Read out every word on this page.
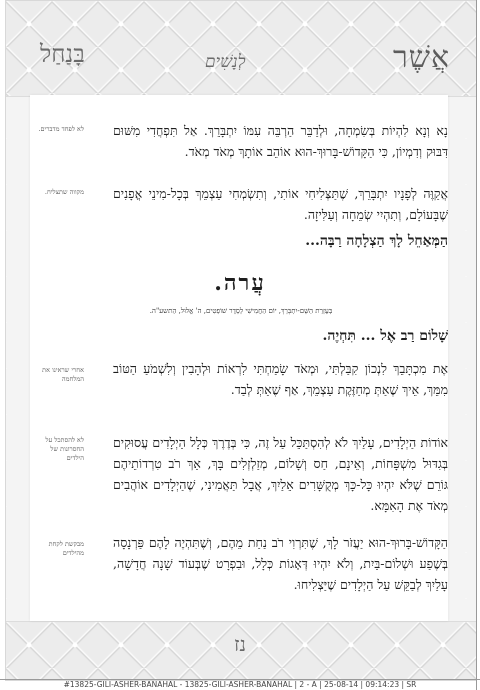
אֲשֶׁר
לְנָשִׁים
בָּנַחַל
נָא וְנָא לִהְיוֹת בְּשִׂמְחָה, וּלְדַבֵּר הַרְבֵּה עִמּוֹ יִתְבָּרֵךְ. אַל תִּפְחֲדִי מִשּׁוּם דִּבּוּק וְדִמְיוֹן, כִּי הַקָּדוֹשׁ-בָּרוּךְ-הוּא אוֹהֵב אוֹתָךְ מְאֹד מְאֹד.
לא לפחד מדברים.
אֲקַוֶּה לְפָנָיו יִתְבָּרֵךְ, שֶׁתַּצְּלִיחִי אוֹתִי, וְתִשְׂמְחִי עַצְמֵךְ בְּכָל-מִינֵי אֳפָנִים שֶׁבָּעוֹלָם, וְתִהְיִי שְׂמֵחָה וְעַלִּיזָה.
מקווה שתצליח.
הַמְּאַחֵל לָךְ הַצְלָחָה רַבָּה...
עֲרה.
בְּעֶזְרַת הַשֵּׁם-יִתְבָּרֵךְ, יוֹם הַחֲמִישִׁי לְסֵדֶר שׁוֹפְטִים, ה' אֱלוּל, הַתשע"ה.
שָׁלוֹם רַב אֶל ... תִּחְיֶה.
אֶת מִכְתָּבֵךְ לִנְכוֹן קִבַּלְתִּי, וּמְאֹד שָׂמַחְתִּי לִרְאוֹת וּלְהָבִין וְלִשְׁמֹעַ הַטּוֹב מִמֵּךְ, אֵיךְ שֶׁאַתְּ מְחַזֶּקֶת עַצְמֵךְ, אַף שֶׁאַתְּ לְבַד.
אחרי שראינו את המלחמה
אוֹדוֹת הַיְלָדִים, עָלַיִךְ לֹא לְהִסְתַּכֵּל עַל זֶה, כִּי בְּדֶרֶךְ כְּלָל הַיְלָדִים עֲסוּקִים בְּגִדּוּל מִשְׁפָּחוֹת, וְאֵינָם, חַס וְשָׁלוֹם, מְזַלְזְלִים בָּךְ, אַךְ רֹב טִרְדוֹתֵיהֶם גּוֹרֵם שֶׁלֹּא יִהְיוּ כָּל-כָּךְ מְקֻשָּׁרִים אֵלַיִךְ, אֲבָל תַּאֲמִינִי, שֶׁהַיְלָדִים אוֹהֲבִים מְאֹד אֶת הָאִמָּא.
לא להסתכל על החסרונות של הילדים
הַקָּדוֹשׁ-בָּרוּךְ-הוּא יַעֲזֹר לָךְ, שֶׁתִּרְוִי רֹב נַחַת מֵהֶם, וְשֶׁתִּהְיֶה לָהֶם פַּרְנָסָה בְּשֶׁפַע וּשְׁלוֹם-בַּיִת, וְלֹא יִהְיוּ דְּאָגוֹת כְּלָל, וּבִפְרָט שֶׁבְּעוֹד שָׁנָה חֲדָשָׁה, עָלַיִךְ לְבַקֵּשׁ עַל הַיְלָדִים שֶׁיַּצְלִיחוּ.
מבקשת לקחת מהילדים
נז
#13825-GILI-ASHER-BANAHAL - 13825-GILI-ASHER-BANAHAL | 2 - A | 25-08-14 | 09:14:23 | SR
